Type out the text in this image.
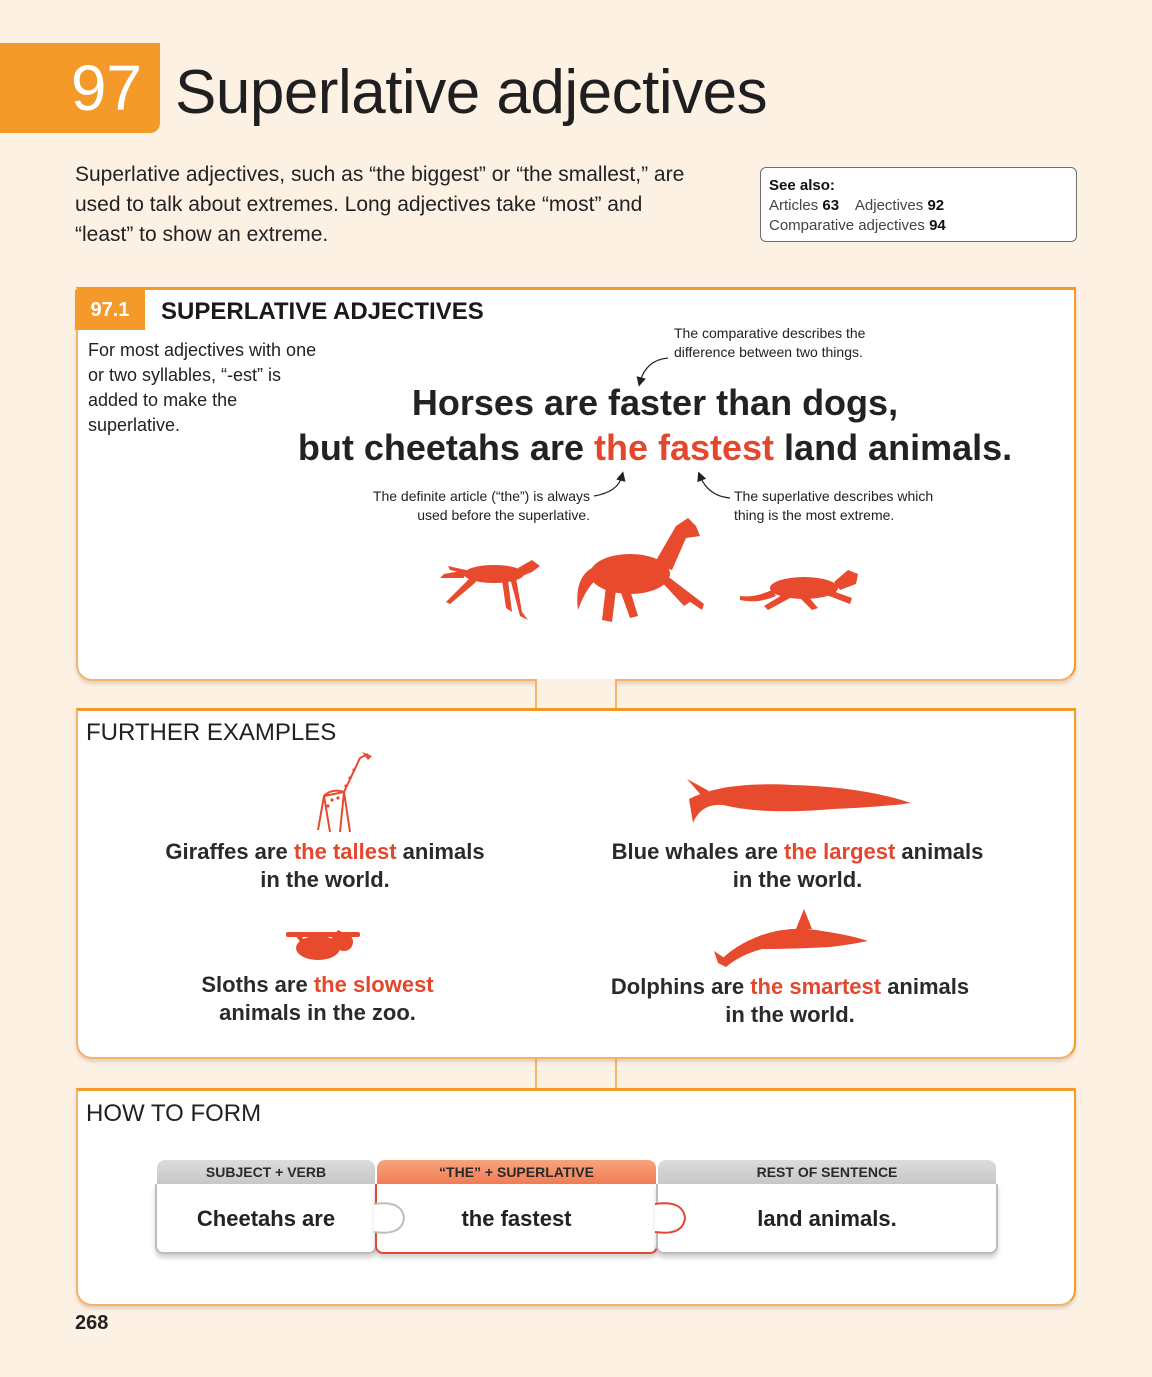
97 Superlative adjectives
Superlative adjectives, such as “the biggest” or “the smallest,” are used to talk about extremes. Long adjectives take “most” and “least” to show an extreme.
See also:
Articles 63 Adjectives 92
Comparative adjectives 94
97.1	SUPERLATIVE ADJECTIVES
For most adjectives with one or two syllables, “-est” is added to make the superlative.
The comparative describes the difference between two things.
Horses are faster than dogs,
but cheetahs are the fastest land animals.
The definite article (“the”) is always used before the superlative.
The superlative describes which thing is the most extreme.
FURTHER EXAMPLES
Giraffes are the tallest animals
in the world.
Blue whales are the largest animals
in the world.
Sloths are the slowest
animals in the zoo.
Dolphins are the smartest animals
in the world.
HOW TO FORM
SUBJECT + VERB	“THE” + SUPERLATIVE	REST OF SENTENCE
Cheetahs are	the fastest	land animals.
268
